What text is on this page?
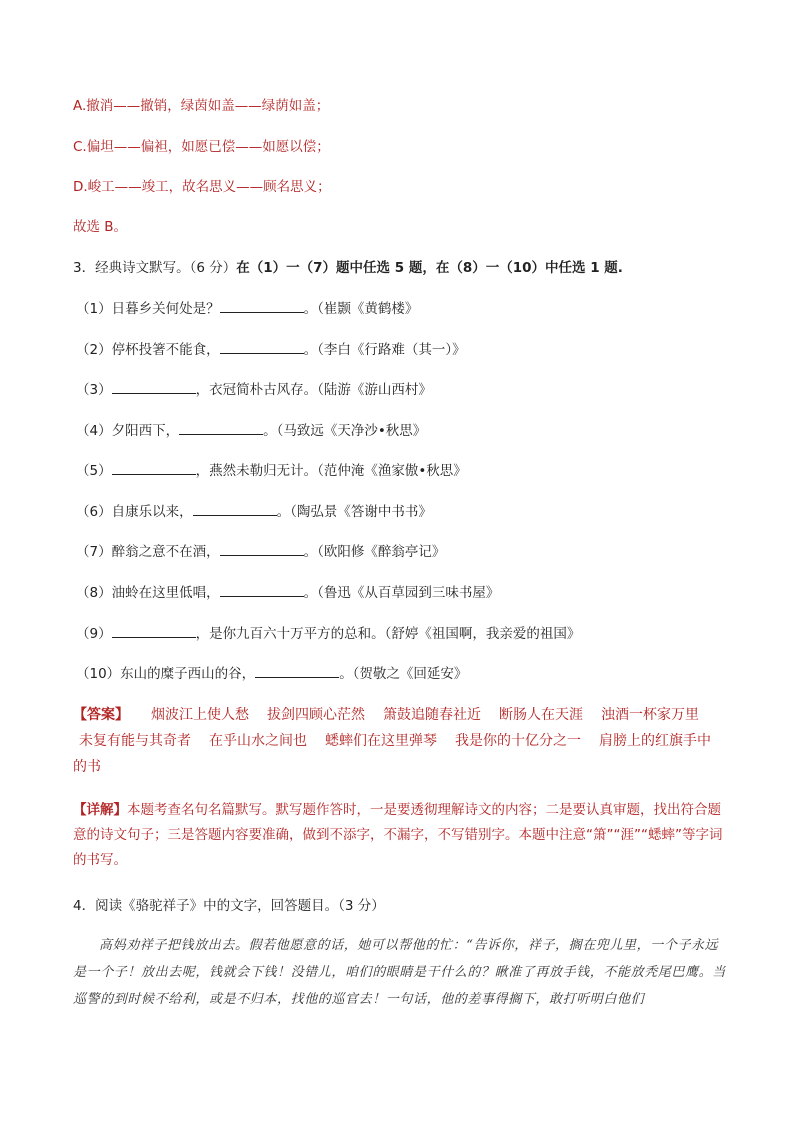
A.撤消——撤销，绿茵如盖——绿荫如盖；
C.偏坦——偏袒，如愿已偿——如愿以偿；
D.峻工——竣工，故名思义——顾名思义；
故选 B。
3．经典诗文默写。（6 分）在（1）一（7）题中任选 5 题，在（8）一（10）中任选 1 题.
（1）日暮乡关何处是？	。（崔颢《黄鹤楼》
（2）停杯投箸不能食，	。（李白《行路难（其一）》
（3）	，衣冠简朴古风存。（陆游《游山西村》
（4）夕阳西下，	。（马致远《天净沙•秋思》
（5）	，燕然未勒归无计。（范仲淹《渔家傲•秋思》
（6）自康乐以来，	。（陶弘景《答谢中书书》
（7）醉翁之意不在酒，	。（欧阳修《醉翁亭记》
（8）油蛉在这里低唱，	。（鲁迅《从百草园到三味书屋》
（9）	，是你九百六十万平方的总和。（舒婷《祖国啊，我亲爱的祖国》
（10）东山的糜子西山的谷，	。（贺敬之《回延安》
【答案】 烟波江上使人愁 拔剑四顾心茫然 箫鼓追随春社近 断肠人在天涯 浊酒一杯家万里
未复有能与其奇者 在乎山水之间也 蟋蟀们在这里弹琴 我是你的十亿分之一 肩膀上的红旗手中
的书
【详解】本题考查名句名篇默写。默写题作答时，一是要透彻理解诗文的内容；二是要认真审题，找出符合题意的诗文句子；三是答题内容要准确，做到不添字，不漏字，不写错别字。本题中注意“箫”“涯”“蟋蟀”等字词的书写。
4．阅读《骆驼祥子》中的文字，回答题目。（3 分）
高妈劝祥子把钱放出去。假若他愿意的话，她可以帮他的忙：“告诉你，祥子，搁在兜儿里，一个子永远是一个子！放出去呢，钱就会下钱！没错儿，咱们的眼睛是干什么的？瞅准了再放手钱，不能放秃尾巴鹰。当巡警的到时候不给利，或是不归本，找他的巡官去！一句话，他的差事得搁下，敢打听明白他们
